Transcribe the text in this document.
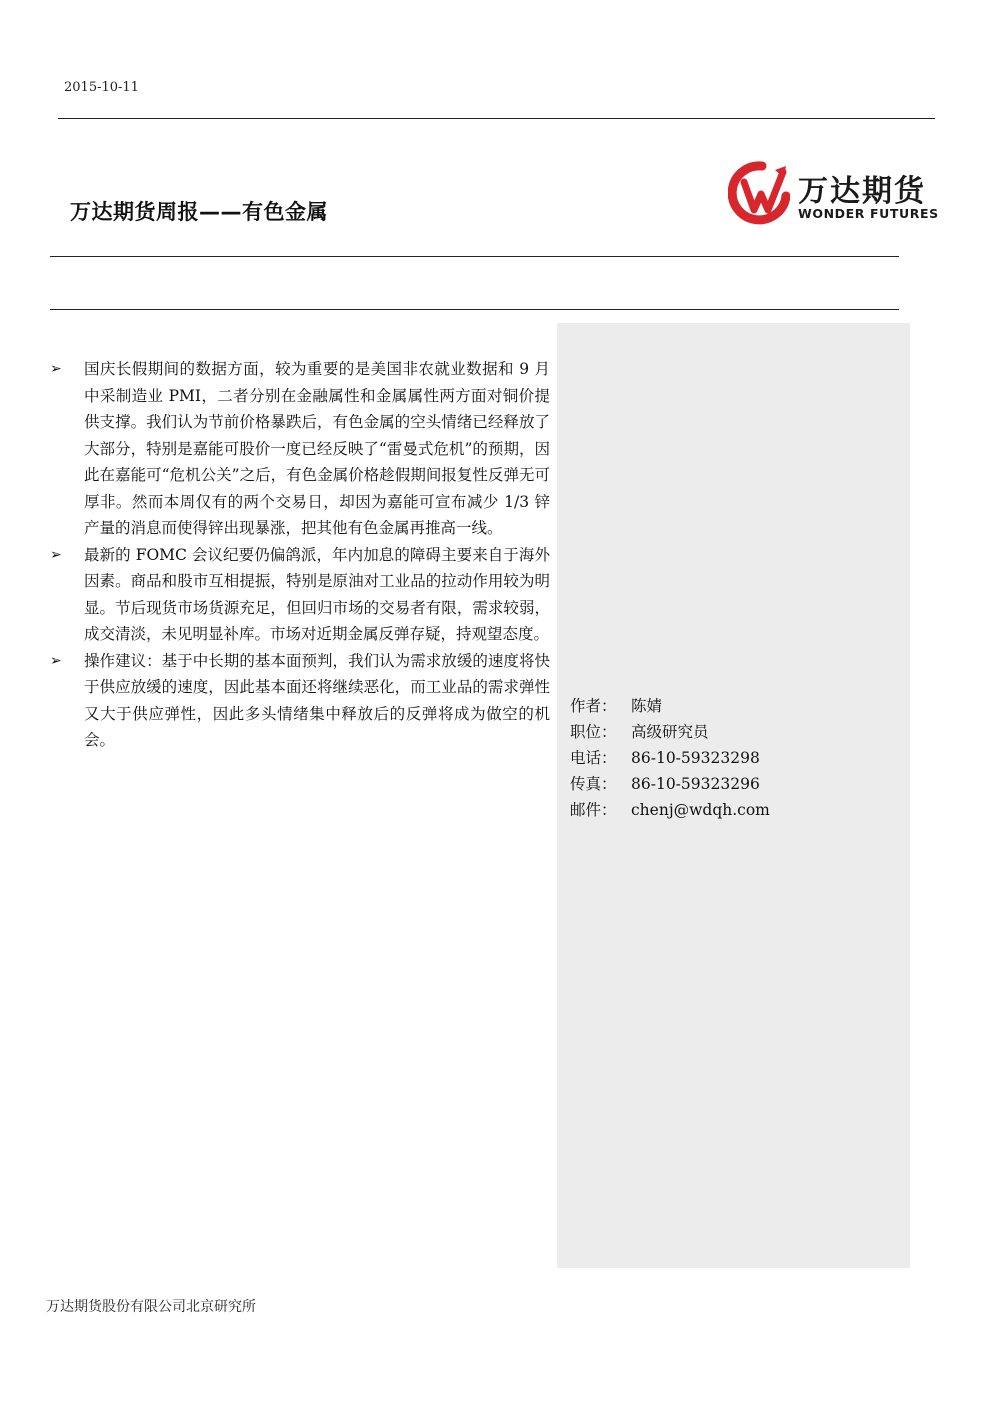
2015-10-11
万达期货周报——有色金属
万达期货
WONDER FUTURES
➢ 国庆长假期间的数据方面，较为重要的是美国非农就业数据和 9 月中采制造业 PMI，二者分别在金融属性和金属属性两方面对铜价提供支撑。我们认为节前价格暴跌后，有色金属的空头情绪已经释放了大部分，特别是嘉能可股价一度已经反映了“雷曼式危机”的预期，因此在嘉能可“危机公关”之后，有色金属价格趁假期间报复性反弹无可厚非。然而本周仅有的两个交易日，却因为嘉能可宣布减少 1/3 锌产量的消息而使得锌出现暴涨，把其他有色金属再推高一线。
➢ 最新的 FOMC 会议纪要仍偏鸽派，年内加息的障碍主要来自于海外因素。商品和股市互相提振，特别是原油对工业品的拉动作用较为明显。节后现货市场货源充足，但回归市场的交易者有限，需求较弱，成交清淡，未见明显补库。市场对近期金属反弹存疑，持观望态度。
➢ 操作建议：基于中长期的基本面预判，我们认为需求放缓的速度将快于供应放缓的速度，因此基本面还将继续恶化，而工业品的需求弹性又大于供应弹性，因此多头情绪集中释放后的反弹将成为做空的机会。
作者： 陈婧
职位： 高级研究员
电话： 86-10-59323298
传真： 86-10-59323296
邮件： chenj@wdqh.com
万达期货股份有限公司北京研究所
